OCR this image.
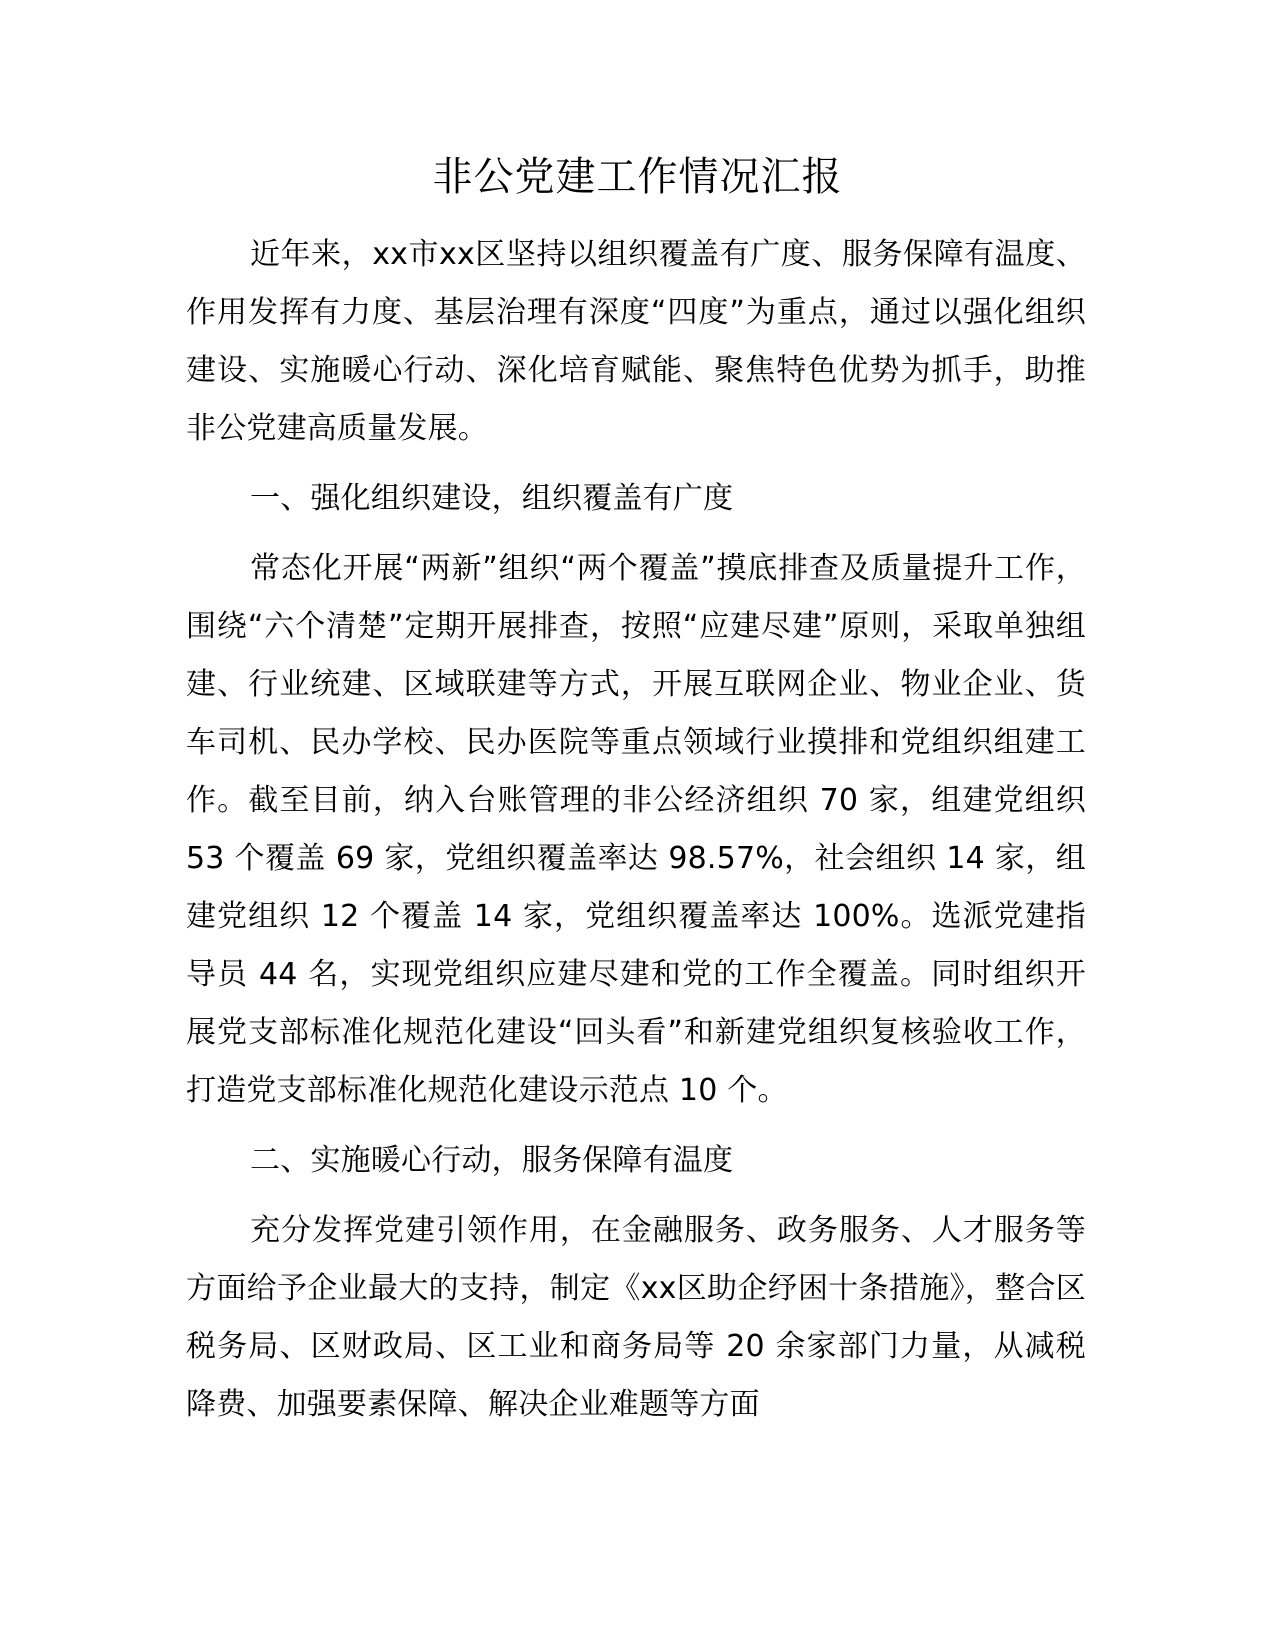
非公党建工作情况汇报

近年来，xx市xx区坚持以组织覆盖有广度、服务保障有温度、作用发挥有力度、基层治理有深度“四度”为重点，通过以强化组织建设、实施暖心行动、深化培育赋能、聚焦特色优势为抓手，助推非公党建高质量发展。

一、强化组织建设，组织覆盖有广度

常态化开展“两新”组织“两个覆盖”摸底排查及质量提升工作，围绕“六个清楚”定期开展排查，按照“应建尽建”原则，采取单独组建、行业统建、区域联建等方式，开展互联网企业、物业企业、货车司机、民办学校、民办医院等重点领域行业摸排和党组织组建工作。截至目前，纳入台账管理的非公经济组织 70 家，组建党组织 53 个覆盖 69 家，党组织覆盖率达 98.57%，社会组织 14 家，组建党组织 12 个覆盖 14 家，党组织覆盖率达 100%。选派党建指导员 44 名，实现党组织应建尽建和党的工作全覆盖。同时组织开展党支部标准化规范化建设“回头看”和新建党组织复核验收工作，打造党支部标准化规范化建设示范点 10 个。

二、实施暖心行动，服务保障有温度

充分发挥党建引领作用，在金融服务、政务服务、人才服务等方面给予企业最大的支持，制定《xx区助企纾困十条措施》，整合区税务局、区财政局、区工业和商务局等 20 余家部门力量，从减税降费、加强要素保障、解决企业难题等方面
